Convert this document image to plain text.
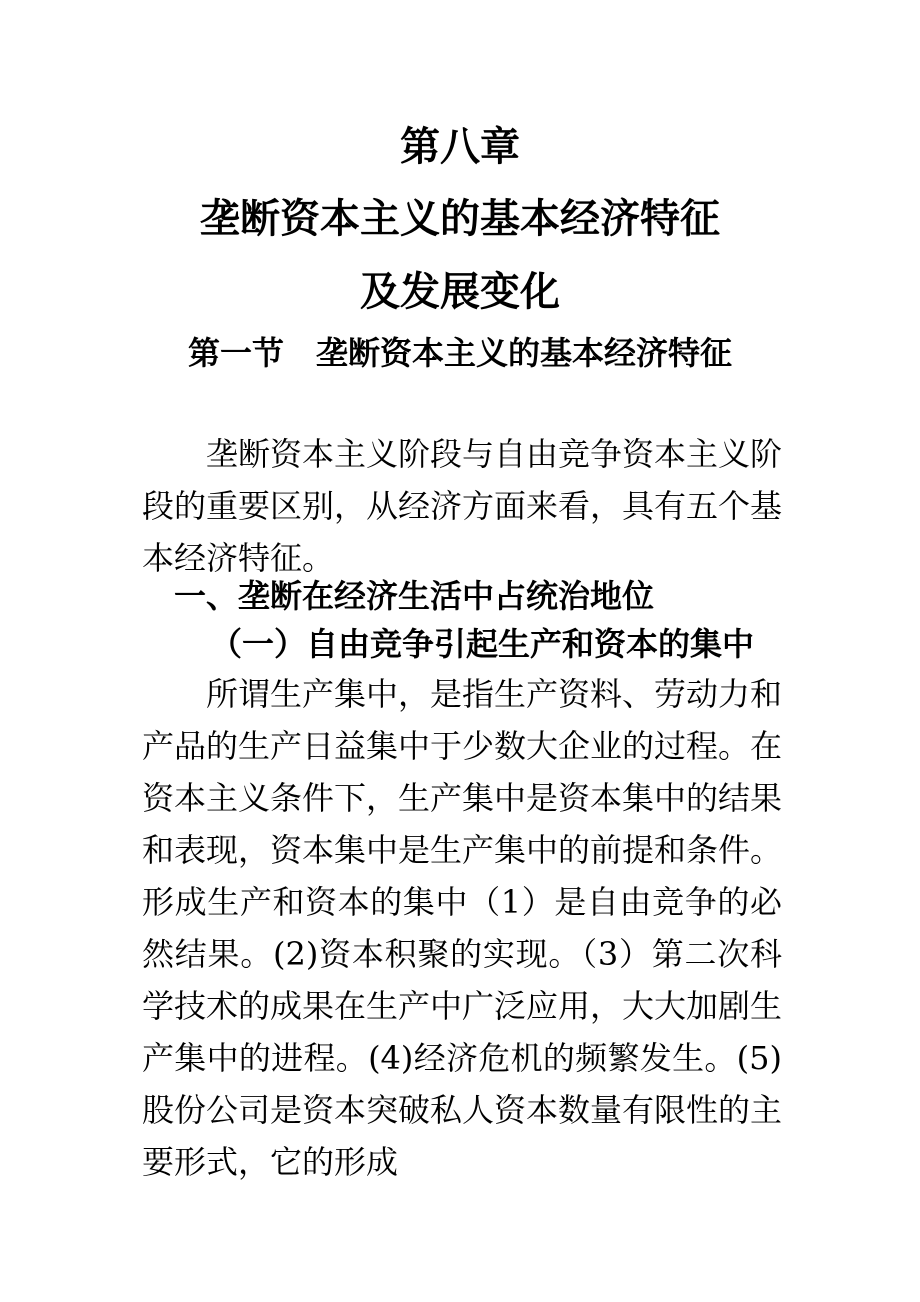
第八章
垄断资本主义的基本经济特征
及发展变化
第一节 垄断资本主义的基本经济特征

垄断资本主义阶段与自由竞争资本主义阶段的重要区别，从经济方面来看，具有五个基本经济特征。

一、垄断在经济生活中占统治地位
（一）自由竞争引起生产和资本的集中

所谓生产集中，是指生产资料、劳动力和产品的生产日益集中于少数大企业的过程。在资本主义条件下，生产集中是资本集中的结果和表现，资本集中是生产集中的前提和条件。形成生产和资本的集中（1）是自由竞争的必然结果。(2)资本积聚的实现。（3）第二次科学技术的成果在生产中广泛应用，大大加剧生产集中的进程。(4)经济危机的频繁发生。(5)股份公司是资本突破私人资本数量有限性的主要形式，它的形成
